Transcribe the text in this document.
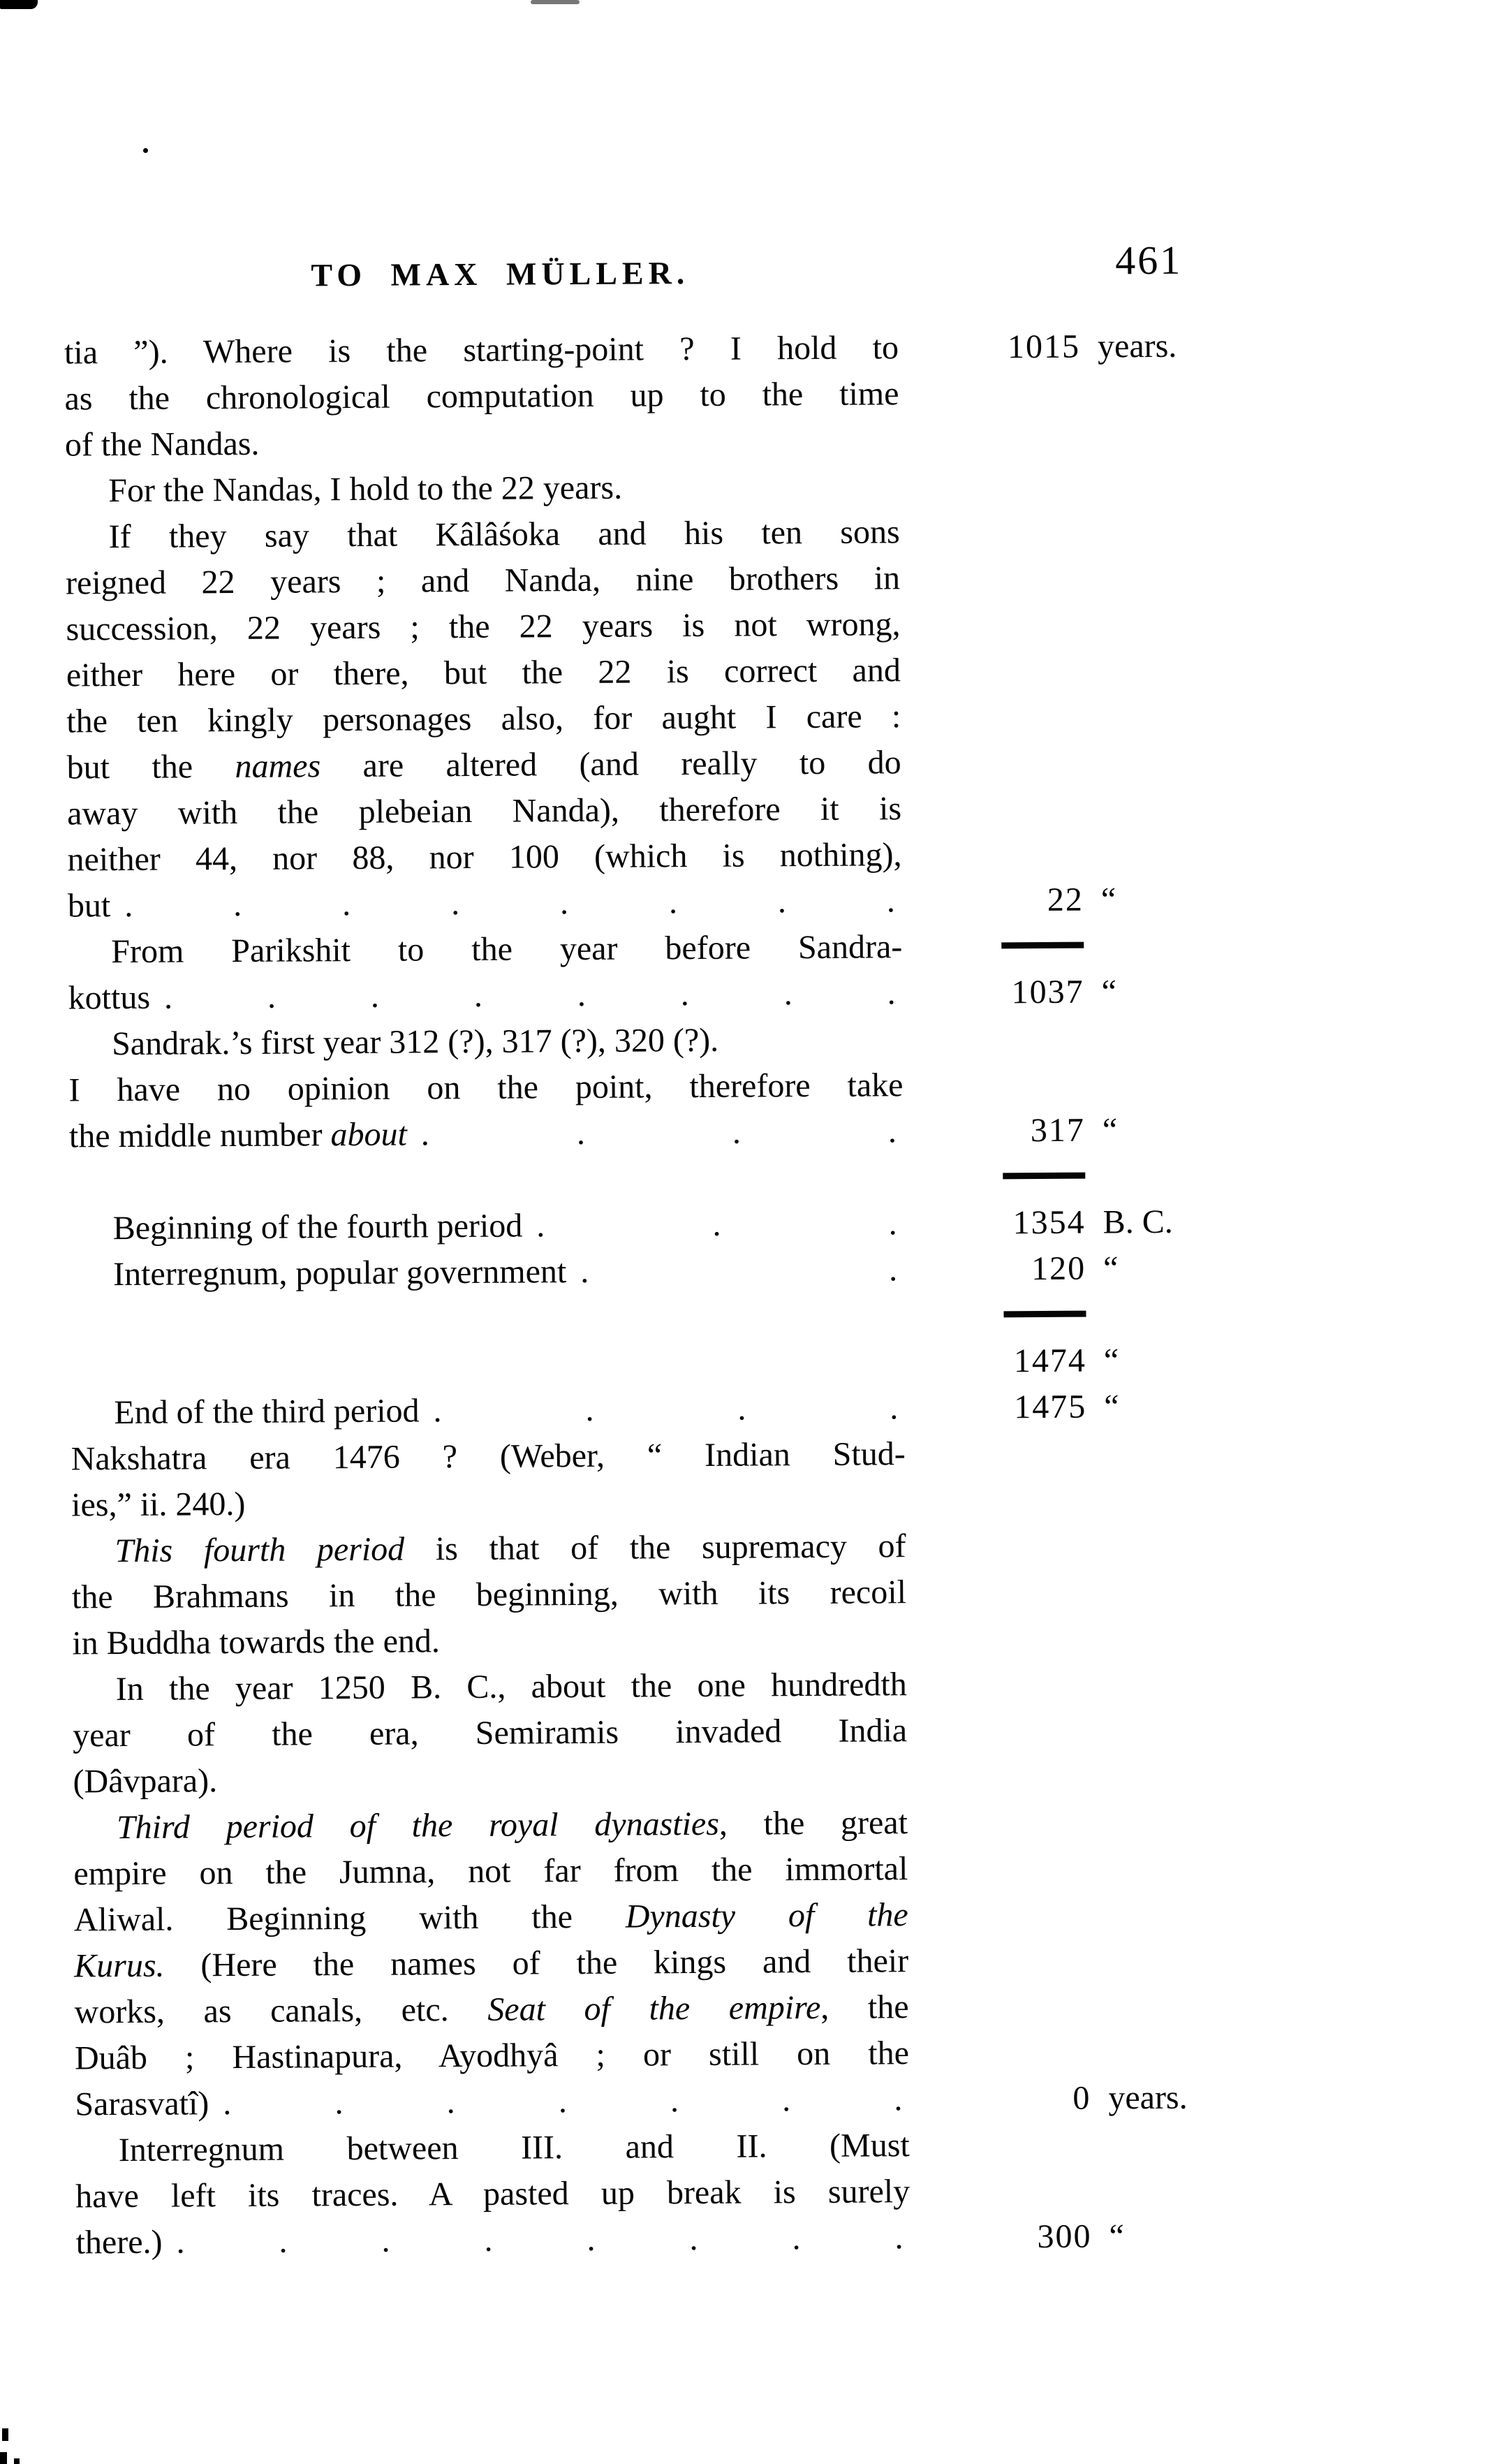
TO MAX MÜLLER.	461
tia ”). Where is the starting-point ? I hold to	1015 years.
as the chronological computation up to the time
of the Nandas.
For the Nandas, I hold to the 22 years.
If they say that Kâlâśoka and his ten sons
reigned 22 years ; and Nanda, nine brothers in
succession, 22 years ; the 22 years is not wrong,
either here or there, but the 22 is correct and
the ten kingly personages also, for aught I care :
but the names are altered (and really to do
away with the plebeian Nanda), therefore it is
neither 44, nor 88, nor 100 (which is nothing),
but . . . . . . . .	22 “
From Parikshit to the year before Sandra-
kottus . . . . . . . .	1037 “
Sandrak.’s first year 312 (?), 317 (?), 320 (?).
I have no opinion on the point, therefore take
the middle number about . . . .	317 “
Beginning of the fourth period . . .	1354 B. C.
Interregnum, popular government . .	120 “
1474 “
End of the third period . . . .	1475 “
Nakshatra era 1476 ? (Weber, “ Indian Stud-
ies,” ii. 240.)
This fourth period is that of the supremacy of
the Brahmans in the beginning, with its recoil
in Buddha towards the end.
In the year 1250 B. C., about the one hundredth
year of the era, Semiramis invaded India
(Dâvpara).
Third period of the royal dynasties, the great
empire on the Jumna, not far from the immortal
Aliwal. Beginning with the Dynasty of the
Kurus. (Here the names of the kings and their
works, as canals, etc. Seat of the empire, the
Duâb ; Hastinapura, Ayodhyâ ; or still on the
Sarasvatî) . . . . . . .	0 years.
Interregnum between III. and II. (Must
have left its traces. A pasted up break is surely
there.) . . . . . . . .	300 “
